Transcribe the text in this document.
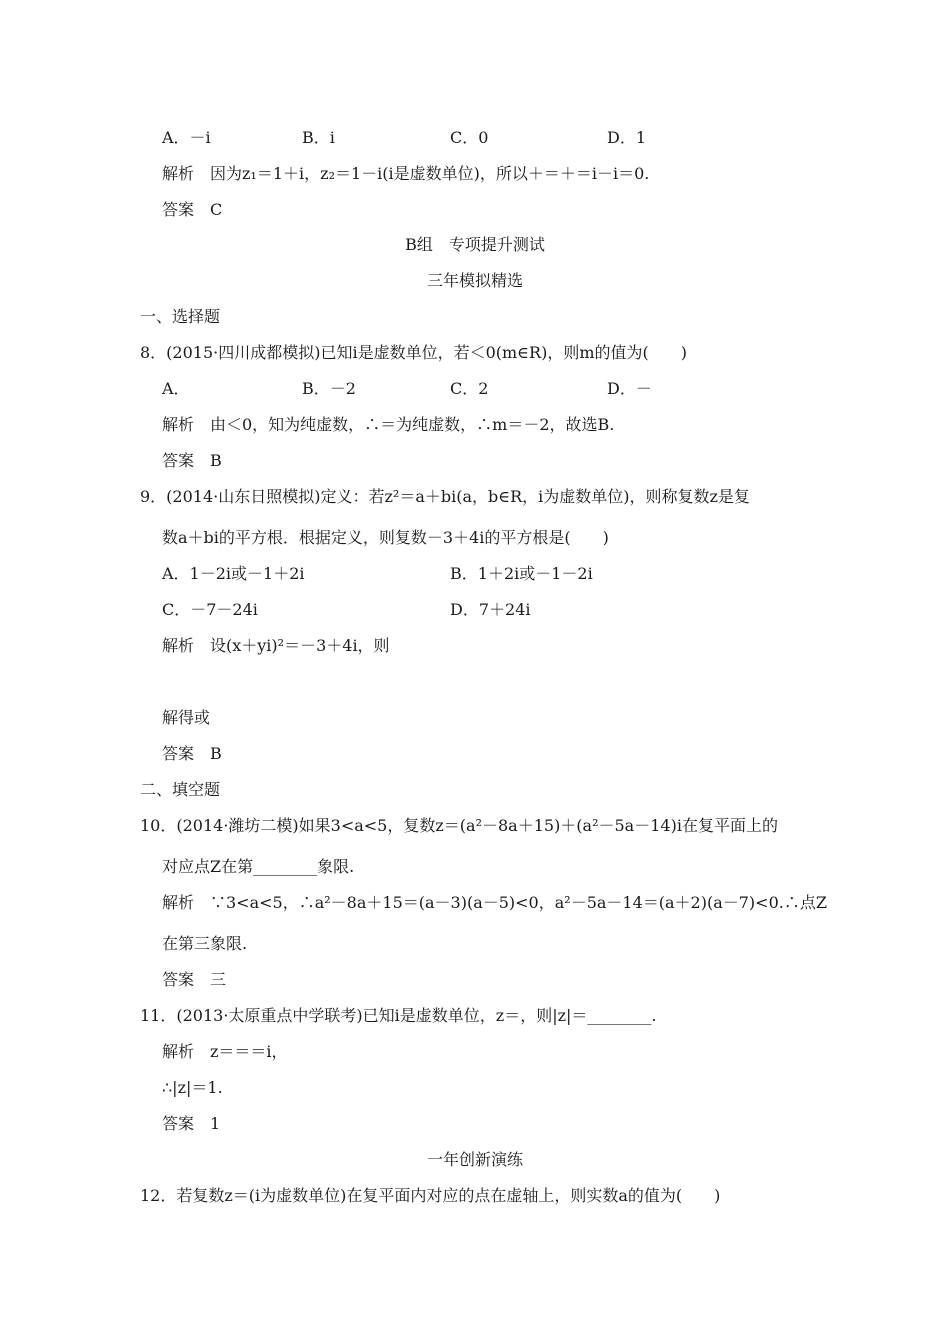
A．－i	B．i	C．0	D．1
解析　因为z₁＝1＋i，z₂＝1－i(i是虚数单位)，所以＋＝＋＝i－i＝0.
答案　C
B组　专项提升测试
三年模拟精选
一、选择题
8．(2015·四川成都模拟)已知i是虚数单位，若＜0(m∈R)，则m的值为(　　)
A．	B．－2	C．2	D．－
解析　由＜0，知为纯虚数，∴＝为纯虚数，∴m＝－2，故选B.
答案　B
9．(2014·山东日照模拟)定义：若z²＝a＋bi(a，b∈R，i为虚数单位)，则称复数z是复
数a＋bi的平方根．根据定义，则复数－3＋4i的平方根是(　　)
A．1－2i或－1＋2i	B．1＋2i或－1－2i
C．－7－24i	D．7＋24i
解析　设(x＋yi)²＝－3＋4i，则
解得或
答案　B
二、填空题
10．(2014·潍坊二模)如果3<a<5，复数z＝(a²－8a＋15)＋(a²－5a－14)i在复平面上的
对应点Z在第________象限.
解析　∵3<a<5，∴a²－8a＋15＝(a－3)(a－5)<0，a²－5a－14＝(a＋2)(a－7)<0.∴点Z
在第三象限.
答案　三
11．(2013·太原重点中学联考)已知i是虚数单位，z＝，则|z|＝________.
解析　z＝＝＝i，
∴|z|＝1.
答案　1
一年创新演练
12．若复数z＝(i为虚数单位)在复平面内对应的点在虚轴上，则实数a的值为(　　)
